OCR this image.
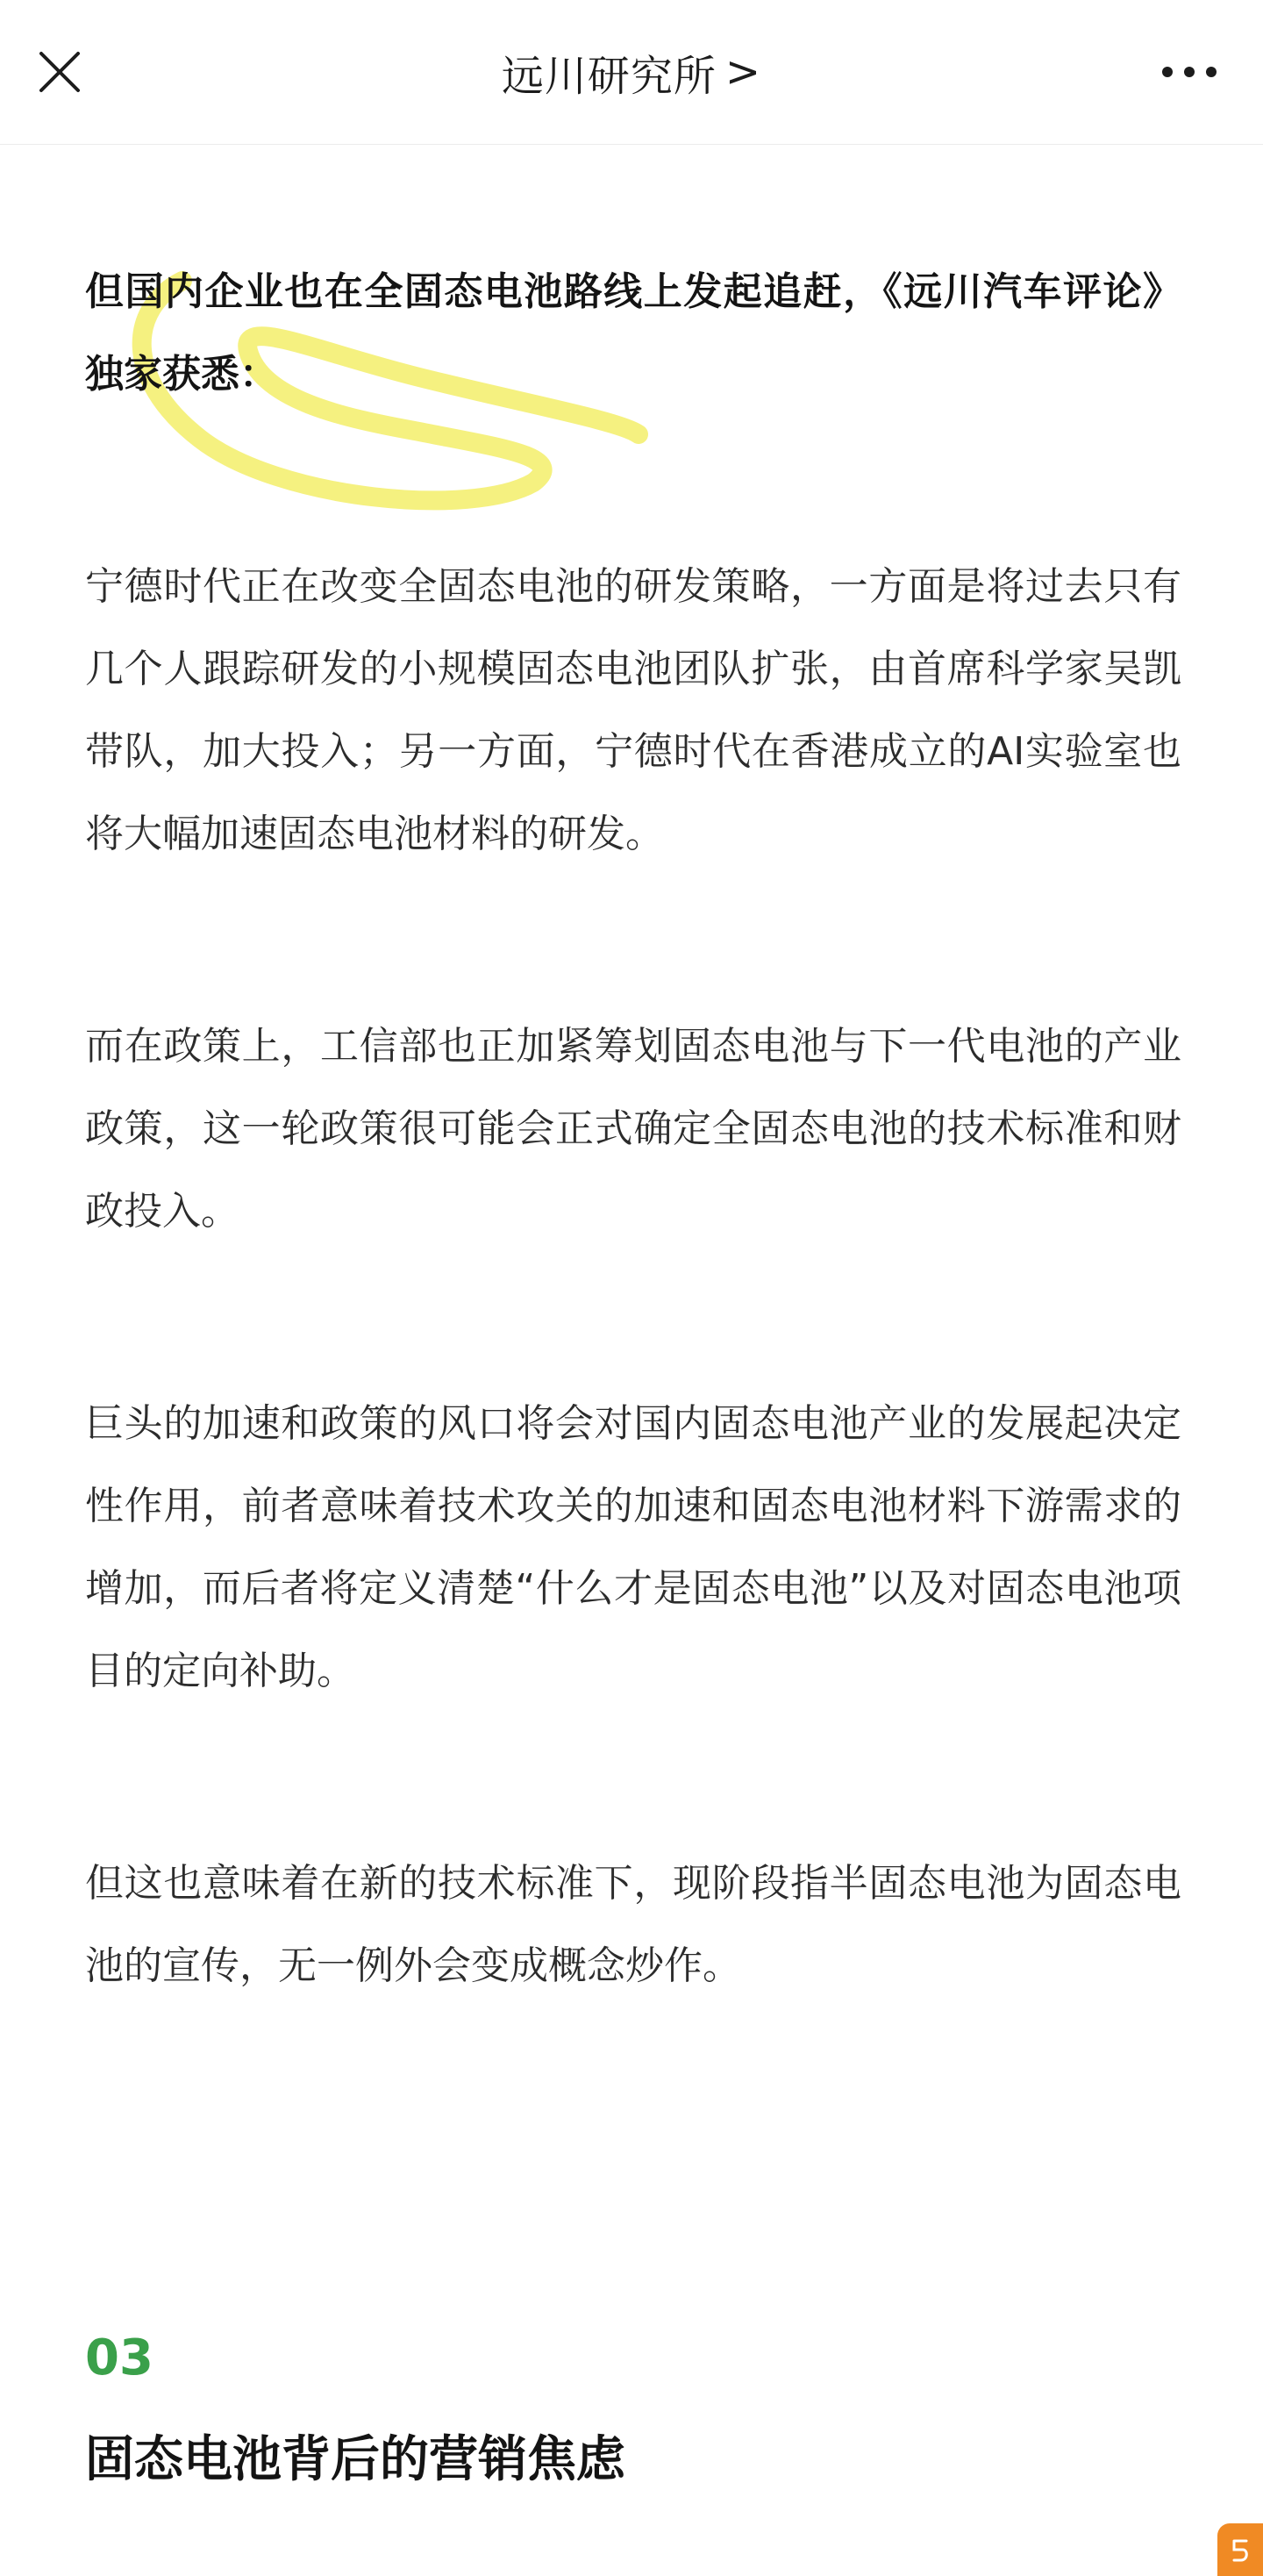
远川研究所 >

但国内企业也在全固态电池路线上发起追赶，《远川汽车评论》独家获悉：

宁德时代正在改变全固态电池的研发策略，一方面是将过去只有几个人跟踪研发的小规模固态电池团队扩张，由首席科学家吴凯带队，加大投入；另一方面，宁德时代在香港成立的AI实验室也将大幅加速固态电池材料的研发。

而在政策上，工信部也正加紧筹划固态电池与下一代电池的产业政策，这一轮政策很可能会正式确定全固态电池的技术标准和财政投入。

巨头的加速和政策的风口将会对国内固态电池产业的发展起决定性作用，前者意味着技术攻关的加速和固态电池材料下游需求的增加，而后者将定义清楚“什么才是固态电池”以及对固态电池项目的定向补助。

但这也意味着在新的技术标准下，现阶段指半固态电池为固态电池的宣传，无一例外会变成概念炒作。

03
固态电池背后的营销焦虑
